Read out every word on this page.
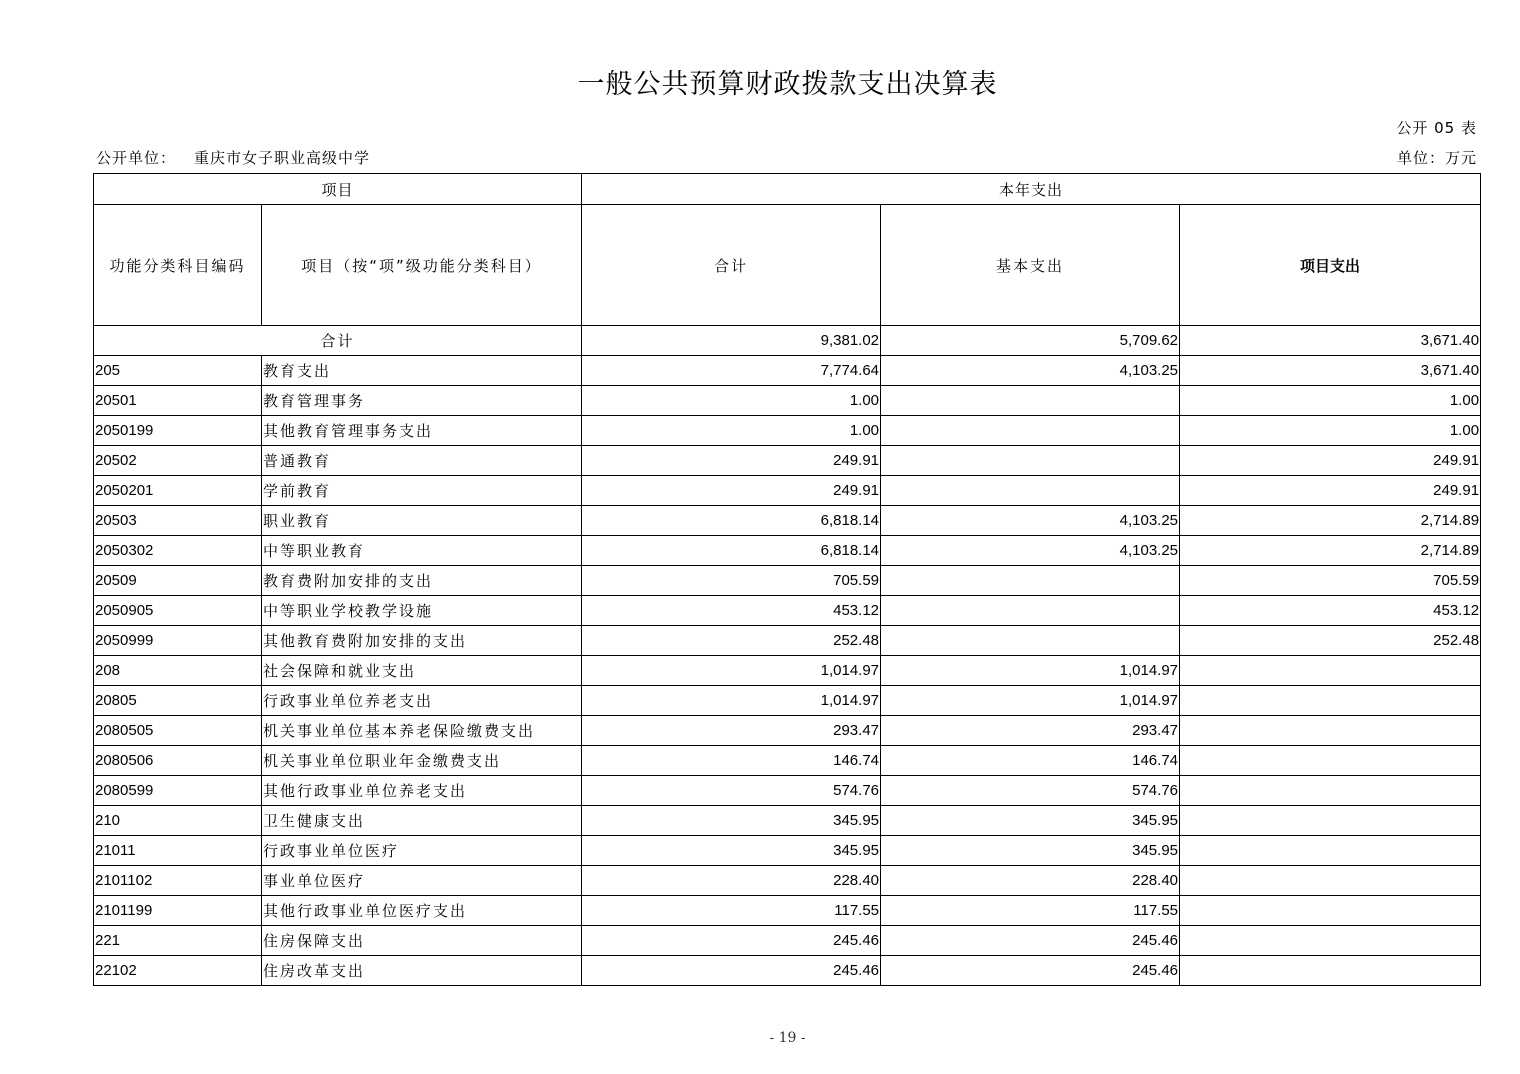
一般公共预算财政拨款支出决算表
公开 05 表
公开单位： 重庆市女子职业高级中学	单位：万元
项目		本年支出		
功能分类科目编码	项目（按“项”级功能分类科目）	合计	基本支出	项目支出
合计		9,381.02	5,709.62	3,671.40
205	教育支出	7,774.64	4,103.25	3,671.40
20501	教育管理事务	1.00		1.00
2050199	其他教育管理事务支出	1.00		1.00
20502	普通教育	249.91		249.91
2050201	学前教育	249.91		249.91
20503	职业教育	6,818.14	4,103.25	2,714.89
2050302	中等职业教育	6,818.14	4,103.25	2,714.89
20509	教育费附加安排的支出	705.59		705.59
2050905	中等职业学校教学设施	453.12		453.12
2050999	其他教育费附加安排的支出	252.48		252.48
208	社会保障和就业支出	1,014.97	1,014.97	
20805	行政事业单位养老支出	1,014.97	1,014.97	
2080505	机关事业单位基本养老保险缴费支出	293.47	293.47	
2080506	机关事业单位职业年金缴费支出	146.74	146.74	
2080599	其他行政事业单位养老支出	574.76	574.76	
210	卫生健康支出	345.95	345.95	
21011	行政事业单位医疗	345.95	345.95	
2101102	事业单位医疗	228.40	228.40	
2101199	其他行政事业单位医疗支出	117.55	117.55	
221	住房保障支出	245.46	245.46	
22102	住房改革支出	245.46	245.46	
- 19 -
